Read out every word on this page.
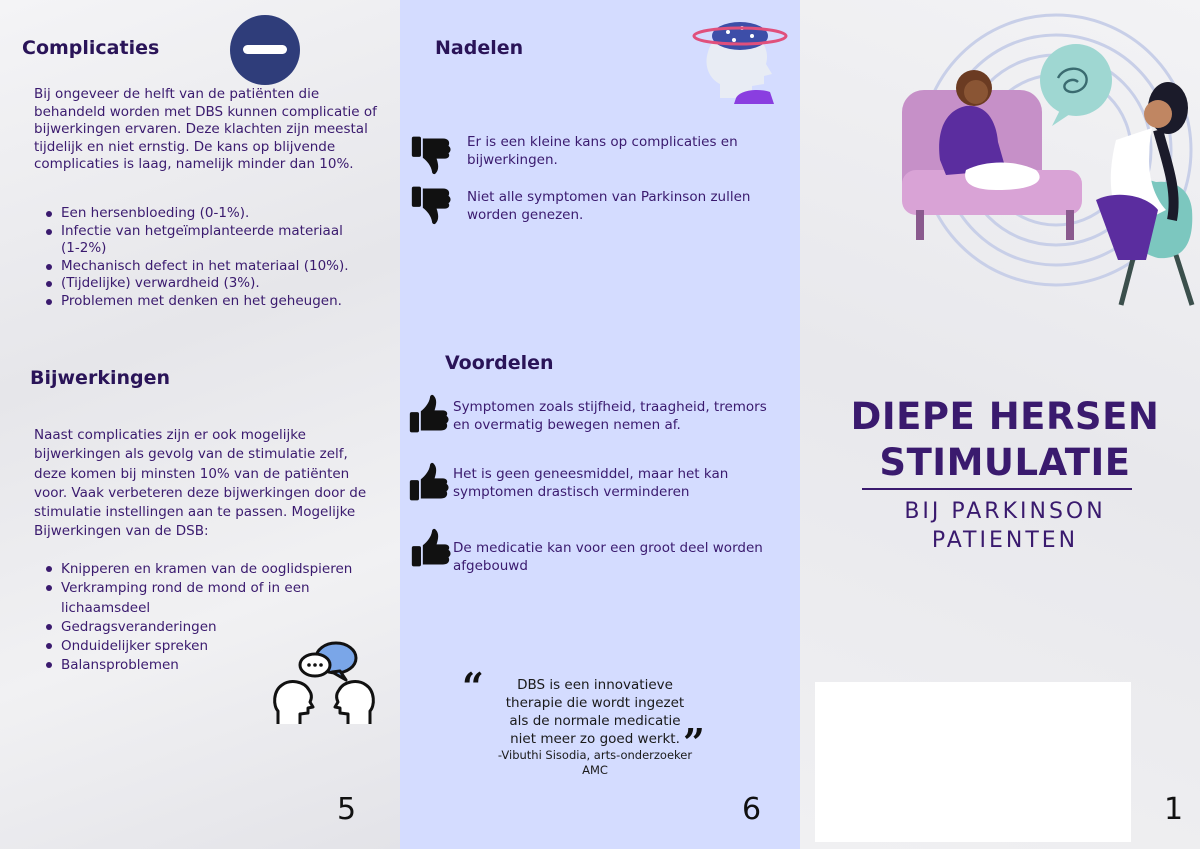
Complicaties
Bij ongeveer de helft van de patiënten die behandeld worden met DBS kunnen complicatie of bijwerkingen ervaren. Deze klachten zijn meestal tijdelijk en niet ernstig. De kans op blijvende complicaties is laag, namelijk minder dan 10%.
Een hersenbloeding (0-1%).
Infectie van hetgeïmplanteerde materiaal (1-2%)
Mechanisch defect in het materiaal (10%).
(Tijdelijke) verwardheid (3%).
Problemen met denken en het geheugen.
Bijwerkingen
Naast complicaties zijn er ook mogelijke bijwerkingen als gevolg van de stimulatie zelf, deze komen bij minsten 10% van de patiënten voor. Vaak verbeteren deze bijwerkingen door de stimulatie instellingen aan te passen. Mogelijke Bijwerkingen van de DSB:
Knipperen en kramen van de ooglidspieren
Verkramping rond de mond of in een lichaamsdeel
Gedragsveranderingen
Onduidelijker spreken
Balansproblemen
5
Nadelen
Er is een kleine kans op complicaties en bijwerkingen.
Niet alle symptomen van Parkinson zullen worden genezen.
Voordelen
Symptomen zoals stijfheid, traagheid, tremors en overmatig bewegen nemen af.
Het is geen geneesmiddel, maar het kan symptomen drastisch verminderen
De medicatie kan voor een groot deel worden afgebouwd
“	DBS is een innovatieve therapie die wordt ingezet als de normale medicatie niet meer zo goed werkt. ”
-Vibuthi Sisodia, arts-onderzoeker AMC
6
DIEPE HERSEN STIMULATIE
BIJ PARKINSON PATIENTEN
1
